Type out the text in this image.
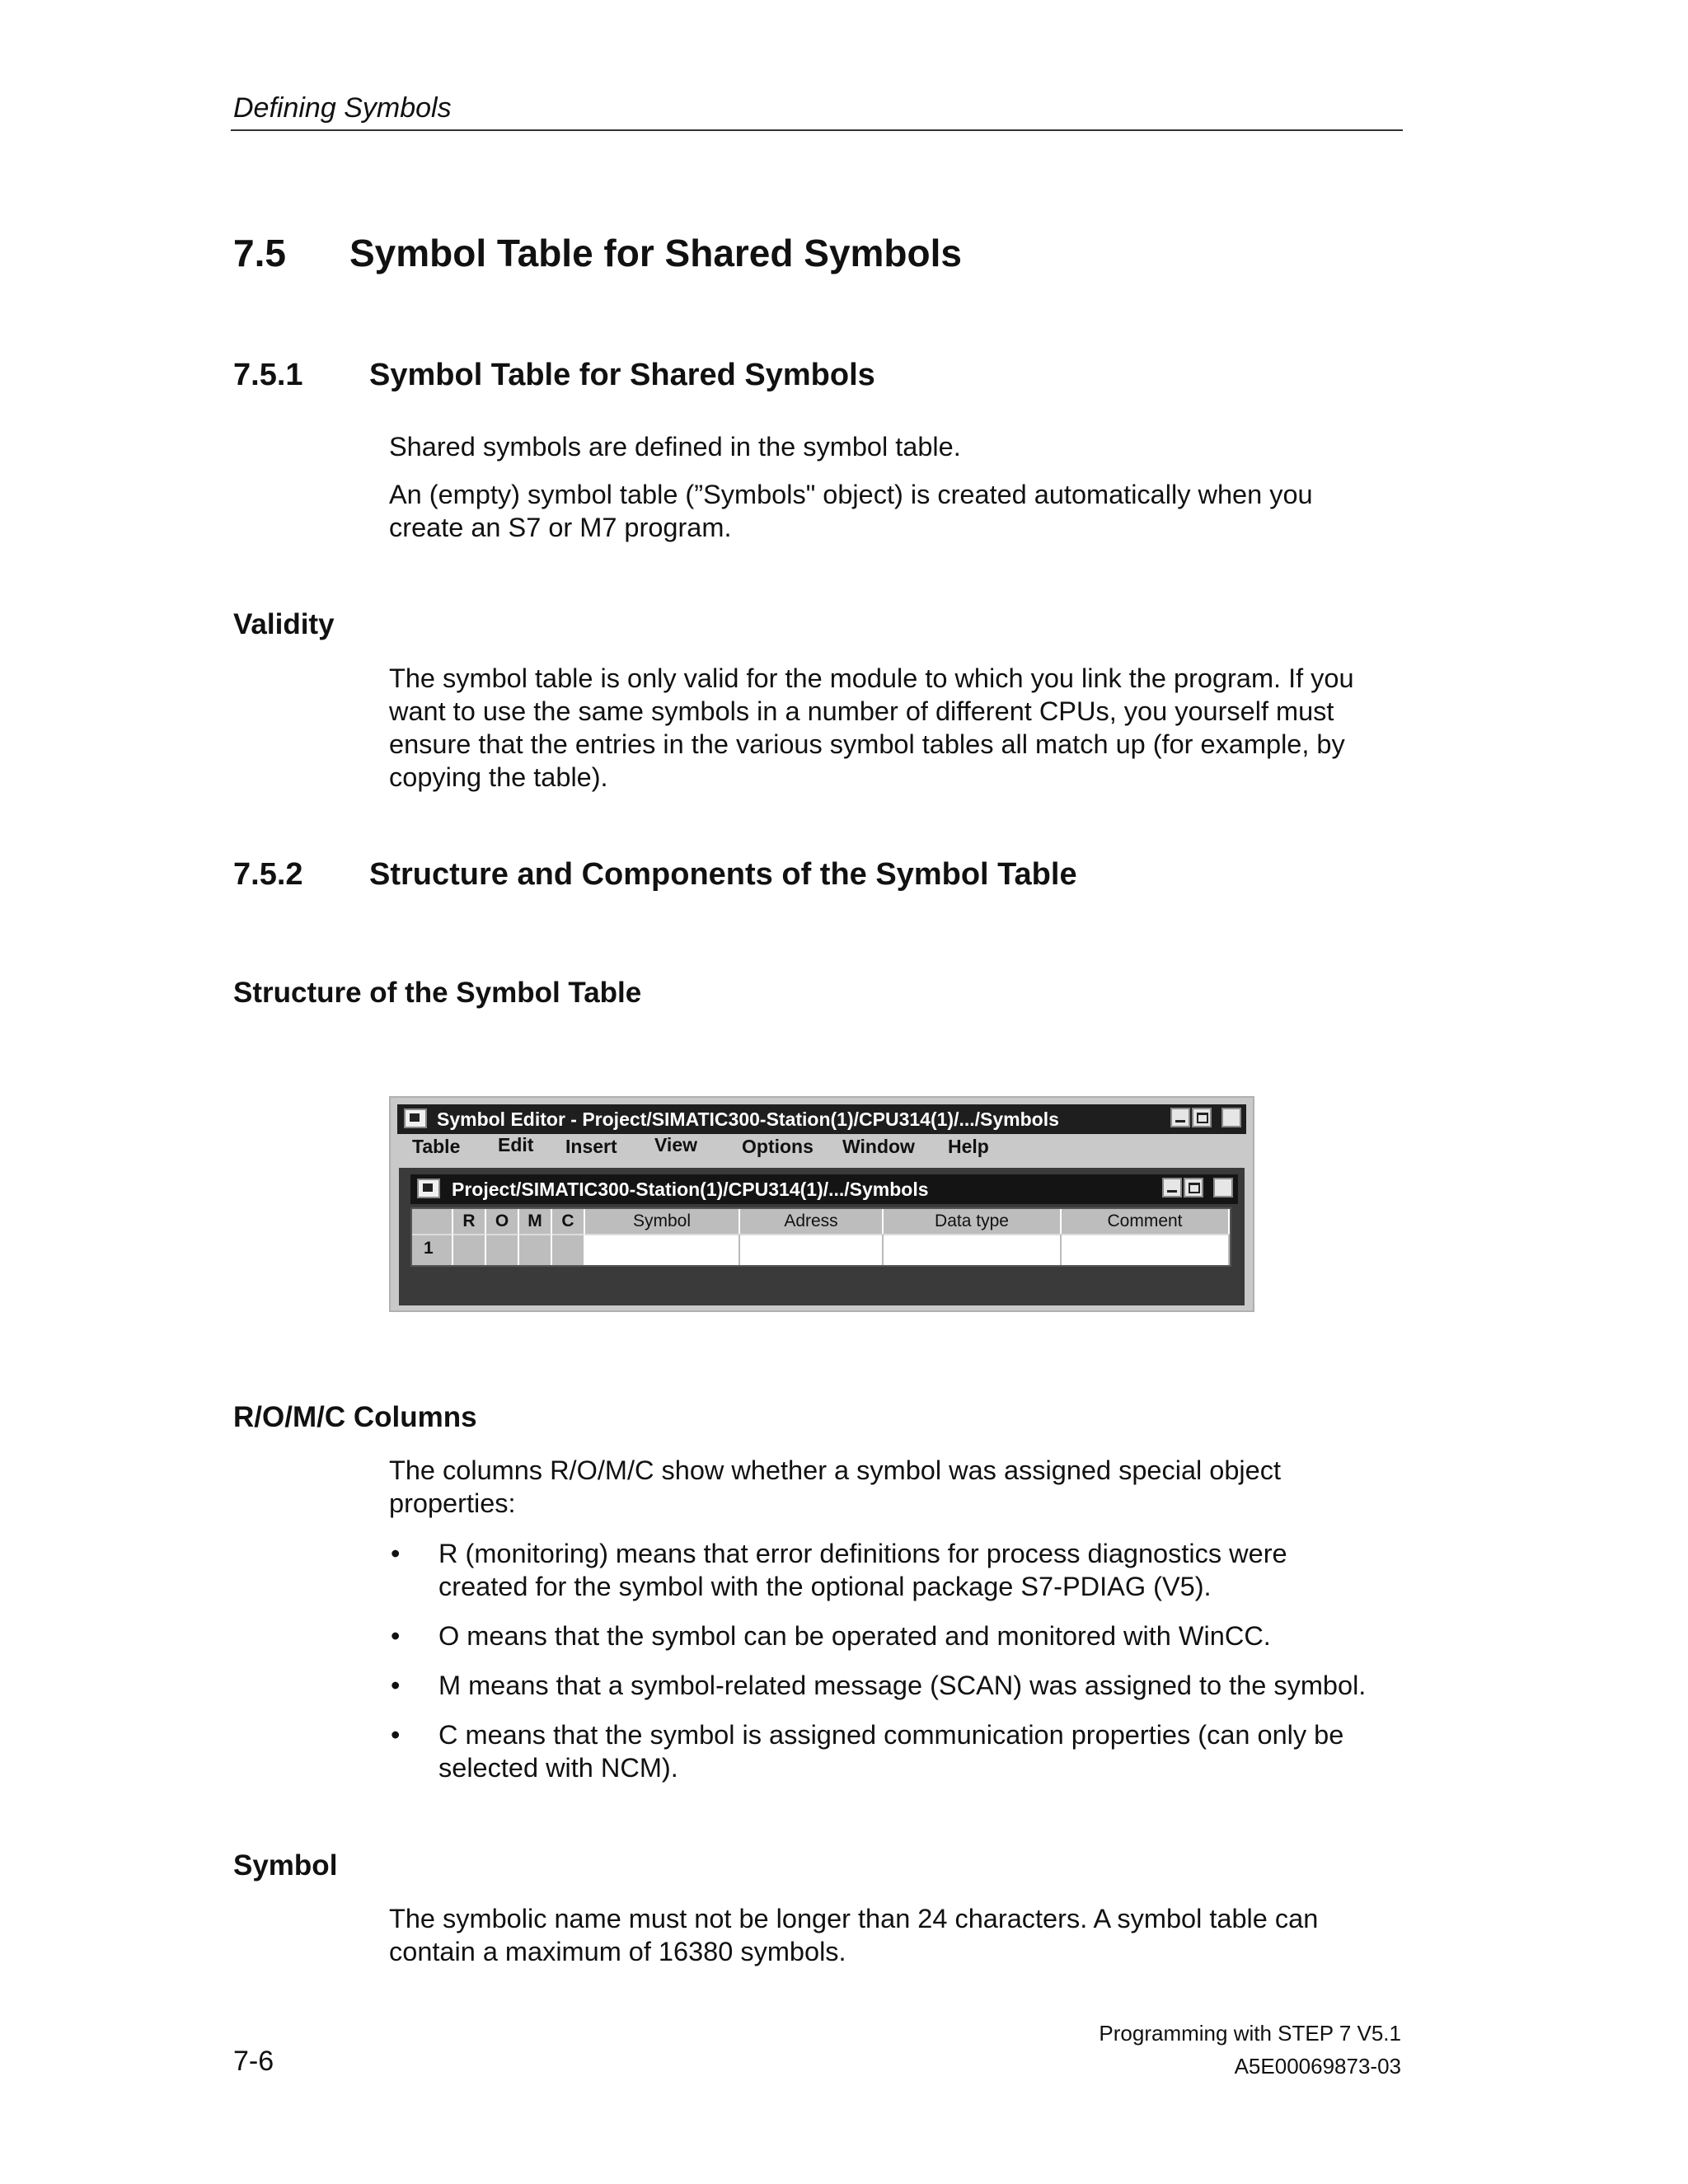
Defining Symbols
7.5 Symbol Table for Shared Symbols
7.5.1 Symbol Table for Shared Symbols
Shared symbols are defined in the symbol table.
An (empty) symbol table (”Symbols" object) is created automatically when you
create an S7 or M7 program.
Validity
The symbol table is only valid for the module to which you link the program. If you
want to use the same symbols in a number of different CPUs, you yourself must
ensure that the entries in the various symbol tables all match up (for example, by
copying the table).
7.5.2 Structure and Components of the Symbol Table
Structure of the Symbol Table
Symbol Editor - Project/SIMATIC300-Station(1)/CPU314(1)/.../Symbols
Table Edit Insert View Options Window Help
Project/SIMATIC300-Station(1)/CPU314(1)/.../Symbols
R	O	M	C	Symbol	Adress	Data type	Comment
1
R/O/M/C Columns
The columns R/O/M/C show whether a symbol was assigned special object
properties:
• R (monitoring) means that error definitions for process diagnostics were
created for the symbol with the optional package S7-PDIAG (V5).
• O means that the symbol can be operated and monitored with WinCC.
• M means that a symbol-related message (SCAN) was assigned to the symbol.
• C means that the symbol is assigned communication properties (can only be
selected with NCM).
Symbol
The symbolic name must not be longer than 24 characters. A symbol table can
contain a maximum of 16380 symbols.
Programming with STEP 7 V5.1
A5E00069873-03
7-6
